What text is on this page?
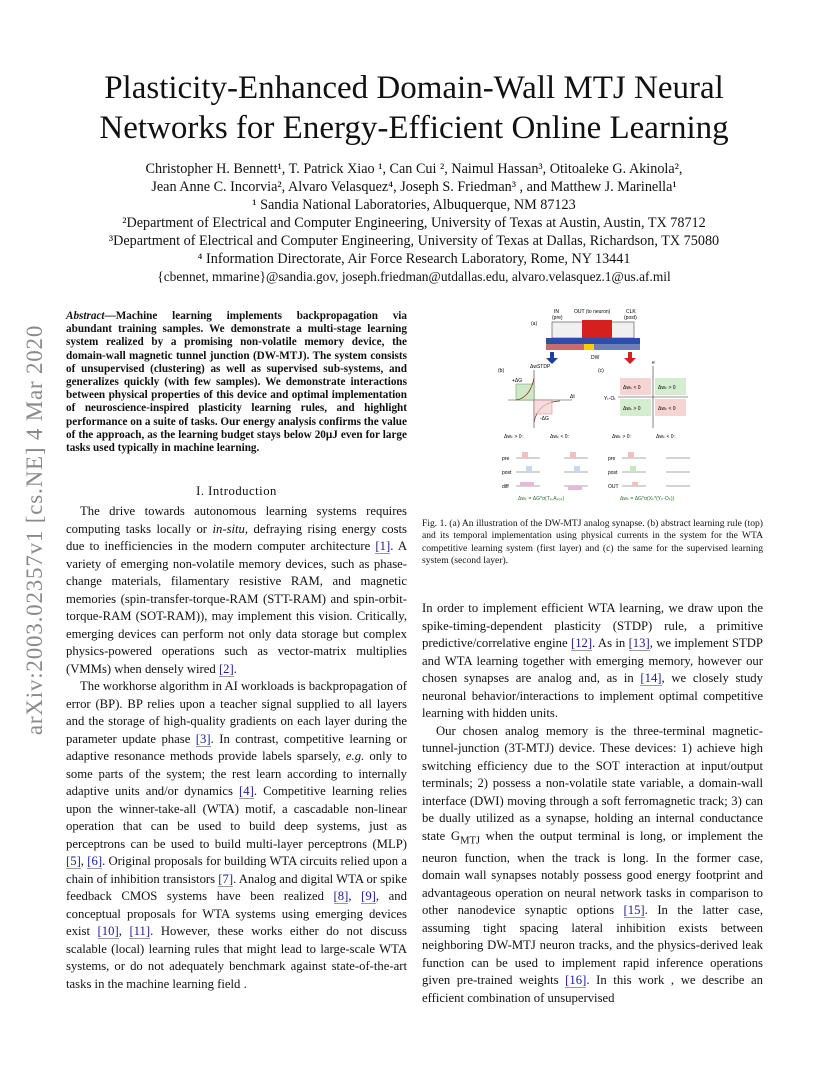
Plasticity-Enhanced Domain-Wall MTJ Neural
Networks for Energy-Efficient Online Learning
Christopher H. Bennett¹, T. Patrick Xiao ¹, Can Cui ², Naimul Hassan³, Otitoaleke G. Akinola²,
Jean Anne C. Incorvia², Alvaro Velasquez⁴, Joseph S. Friedman³ , and Matthew J. Marinella¹
¹ Sandia National Laboratories, Albuquerque, NM 87123
²Department of Electrical and Computer Engineering, University of Texas at Austin, Austin, TX 78712
³Department of Electrical and Computer Engineering, University of Texas at Dallas, Richardson, TX 75080
⁴ Information Directorate, Air Force Research Laboratory, Rome, NY 13441
{cbennet, mmarine}@sandia.gov, joseph.friedman@utdallas.edu, alvaro.velasquez.1@us.af.mil
arXiv:2003.02357v1 [cs.NE] 4 Mar 2020
Abstract—Machine learning implements backpropagation via abundant training samples. We demonstrate a multi-stage learning system realized by a promising non-volatile memory device, the domain-wall magnetic tunnel junction (DW-MTJ). The system consists of unsupervised (clustering) as well as supervised sub-systems, and generalizes quickly (with few samples). We demonstrate interactions between physical properties of this device and optimal implementation of neuroscience-inspired plasticity learning rules, and highlight performance on a suite of tasks. Our energy analysis confirms the value of the approach, as the learning budget stays below 20μJ even for large tasks used typically in machine learning.
I. Introduction

The drive towards autonomous learning systems requires computing tasks locally or in-situ, defraying rising energy costs due to inefficiencies in the modern computer architecture [1]. A variety of emerging non-volatile memory devices, such as phase-change materials, filamentary resistive RAM, and magnetic memories (spin-transfer-torque-RAM (STT-RAM) and spin-orbit-torque-RAM (SOT-RAM)), may implement this vision. Critically, emerging devices can perform not only data storage but complex physics-powered operations such as vector-matrix multiplies (VMMs) when densely wired [2].

The workhorse algorithm in AI workloads is backpropagation of error (BP). BP relies upon a teacher signal supplied to all layers and the storage of high-quality gradients on each layer during the parameter update phase [3]. In contrast, competitive learning or adaptive resonance methods provide labels sparsely, e.g. only to some parts of the system; the rest learn according to internally adaptive units and/or dynamics [4]. Competitive learning relies upon the winner-take-all (WTA) motif, a cascadable non-linear operation that can be used to build deep systems, just as perceptrons can be used to build multi-layer perceptrons (MLP) [5], [6]. Original proposals for building WTA circuits relied upon a chain of inhibition transistors [7]. Analog and digital WTA or spike feedback CMOS systems have been realized [8], [9], and conceptual proposals for WTA systems using emerging devices exist [10], [11]. However, these works either do not discuss scalable (local) learning rules that might lead to large-scale WTA systems, or do not adequately benchmark against state-of-the-art tasks in the machine learning field .

(a)
IN
(pre)
OUT (to neuron)	CLK
(post)
DW
(b)
ΔwSTDP
+ΔG
-ΔG
Δt
(c)
e
Δwₖ < 0	Δwₖ > 0
Δwₖ > 0	Δwₖ < 0
Yₜ-Oₜ
Δwₖ > 0:	Δwₖ < 0:	Δwₖ > 0:	Δwₖ < 0:
pre
post
diff
pre
post
OUT
Δwₖ = ΔG*σ(Tₚ,Aₚₒₛ)	Δwₖ = ΔG*σ(Xₖ*(Yₖ-Oₖ))
Fig. 1. (a) An illustration of the DW-MTJ analog synapse. (b) abstract learning rule (top) and its temporal implementation using physical currents in the system for the WTA competitive learning system (first layer) and (c) the same for the supervised learning system (second layer).

In order to implement efficient WTA learning, we draw upon the spike-timing-dependent plasticity (STDP) rule, a primitive predictive/correlative engine [12]. As in [13], we implement STDP and WTA learning together with emerging memory, however our chosen synapses are analog and, as in [14], we closely study neuronal behavior/interactions to implement optimal competitive learning with hidden units.

Our chosen analog memory is the three-terminal magnetic-tunnel-junction (3T-MTJ) device. These devices: 1) achieve high switching efficiency due to the SOT interaction at input/output terminals; 2) possess a non-volatile state variable, a domain-wall interface (DWI) moving through a soft ferromagnetic track; 3) can be dually utilized as a synapse, holding an internal conductance state $G_{MTJ}$ when the output terminal is long, or implement the neuron function, when the track is long. In the former case, domain wall synapses notably possess good energy footprint and advantageous operation on neural network tasks in comparison to other nanodevice synaptic options [15]. In the latter case, assuming tight spacing lateral inhibition exists between neighboring DW-MTJ neuron tracks, and the physics-derived leak function can be used to implement rapid inference operations given pre-trained weights [16]. In this work , we describe an efficient combination of unsupervised
